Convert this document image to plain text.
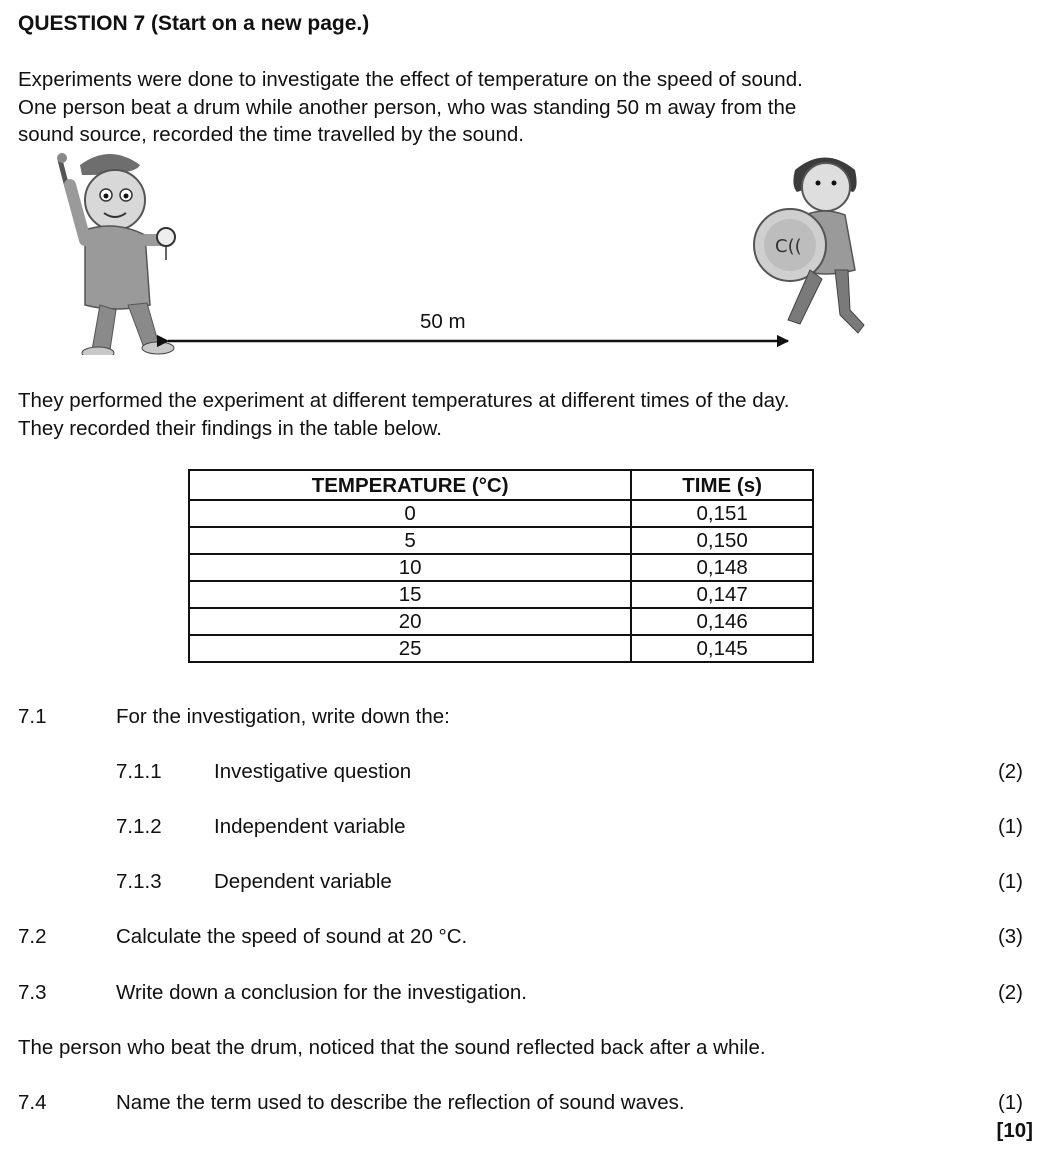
QUESTION 7 (Start on a new page.)
Experiments were done to investigate the effect of temperature on the speed of sound.
One person beat a drum while another person, who was standing 50 m away from the
sound source, recorded the time travelled by the sound.
C((
50 m
They performed the experiment at different temperatures at different times of the day.
They recorded their findings in the table below.
TEMPERATURE (°C)	TIME (s)
0	0,151
5	0,150
10	0,148
15	0,147
20	0,146
25	0,145
7.1	For the investigation, write down the:
7.1.1	Investigative question	(2)
7.1.2	Independent variable	(1)
7.1.3	Dependent variable	(1)
7.2	Calculate the speed of sound at 20 °C.	(3)
7.3	Write down a conclusion for the investigation.	(2)
The person who beat the drum, noticed that the sound reflected back after a while.
7.4	Name the term used to describe the reflection of sound waves.	(1)
[10]
